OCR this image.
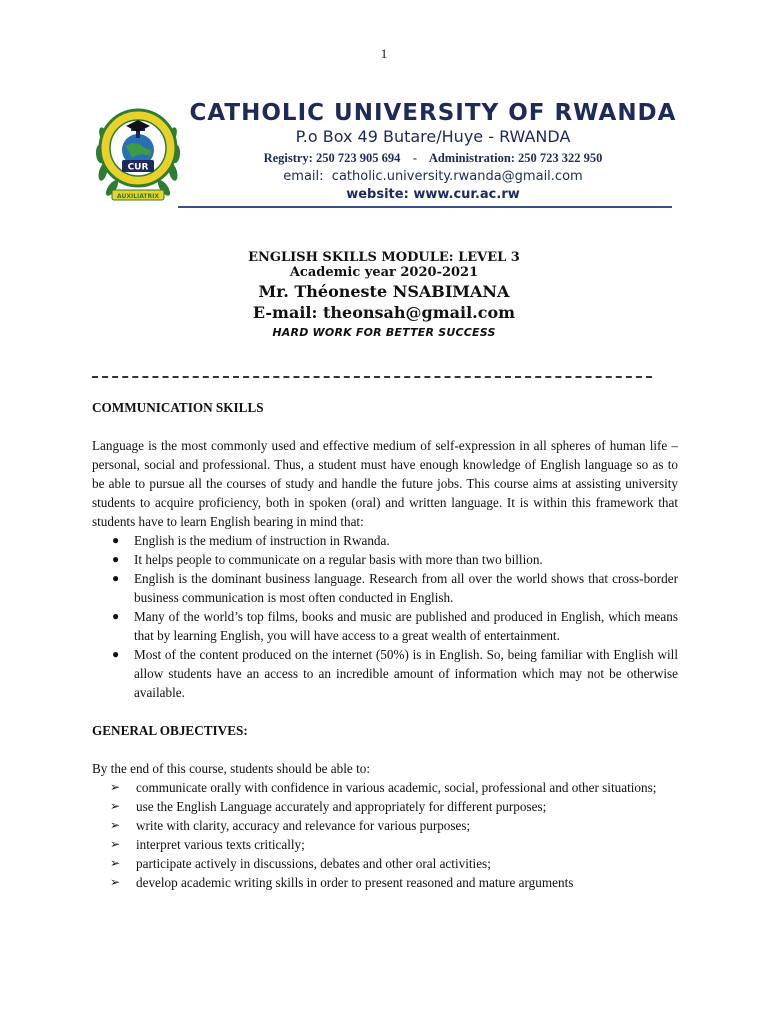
1
CUR
AUXILIATRIX
CATHOLIC UNIVERSITY OF RWANDA
P.o Box 49 Butare/Huye - RWANDA
Registry: 250 723 905 694    -    Administration: 250 723 322 950
email:  catholic.university.rwanda@gmail.com
website: www.cur.ac.rw
ENGLISH SKILLS MODULE: LEVEL 3
Academic year 2020-2021
Mr. Théoneste NSABIMANA
E-mail: theonsah@gmail.com
HARD WORK FOR BETTER SUCCESS

COMMUNICATION SKILLS

Language is the most commonly used and effective medium of self-expression in all spheres of human life – personal, social and professional. Thus, a student must have enough knowledge of English language so as to be able to pursue all the courses of study and handle the future jobs. This course aims at assisting university students to acquire proficiency, both in spoken (oral) and written language. It is within this framework that students have to learn English bearing in mind that:

● English is the medium of instruction in Rwanda.
● It helps people to communicate on a regular basis with more than two billion.
● English is the dominant business language. Research from all over the world shows that cross-border business communication is most often conducted in English.
● Many of the world’s top films, books and music are published and produced in English, which means that by learning English, you will have access to a great wealth of entertainment.
● Most of the content produced on the internet (50%) is in English. So, being familiar with English will allow students have an access to an incredible amount of information which may not be otherwise available.

GENERAL OBJECTIVES:

By the end of this course, students should be able to:

➢ communicate orally with confidence in various academic, social, professional and other situations;
➢ use the English Language accurately and appropriately for different purposes;
➢ write with clarity, accuracy and relevance for various purposes;
➢ interpret various texts critically;
➢ participate actively in discussions, debates and other oral activities;
➢ develop academic writing skills in order to present reasoned and mature arguments
